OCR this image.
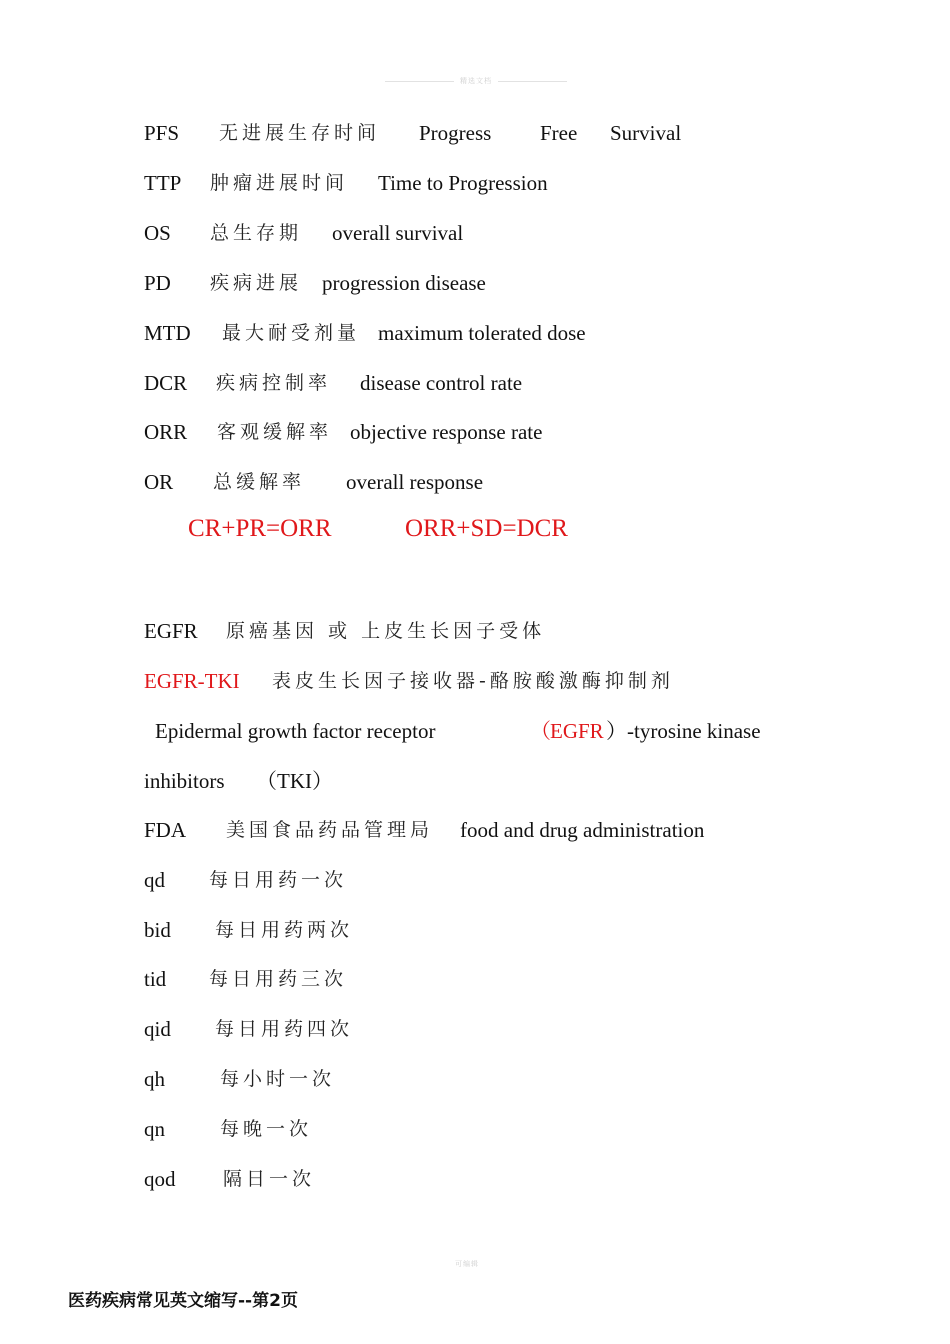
精选文档
PFS 无进展生存时间 Progress Free Survival
TTP 肿瘤进展时间 Time to Progression
OS 总生存期 overall survival
PD 疾病进展 progression disease
MTD 最大耐受剂量 maximum tolerated dose
DCR 疾病控制率 disease control rate
ORR 客观缓解率 objective response rate
OR 总缓解率 overall response
CR+PR=ORR	ORR+SD=DCR
EGFR 原癌基因 或 上皮生长因子受体
EGFR-TKI 表皮生长因子接收器-酪胺酸激酶抑制剂
Epidermal growth factor receptor	（ EGFR ）-tyrosine kinase
inhibitors （TKI）
FDA 美国食品药品管理局 food and drug administration
qd 每日用药一次
bid 每日用药两次
tid 每日用药三次
qid 每日用药四次
qh	每小时一次
qn	每晚一次
qod	隔日一次
可编辑
医药疾病常见英文缩写--第2页
